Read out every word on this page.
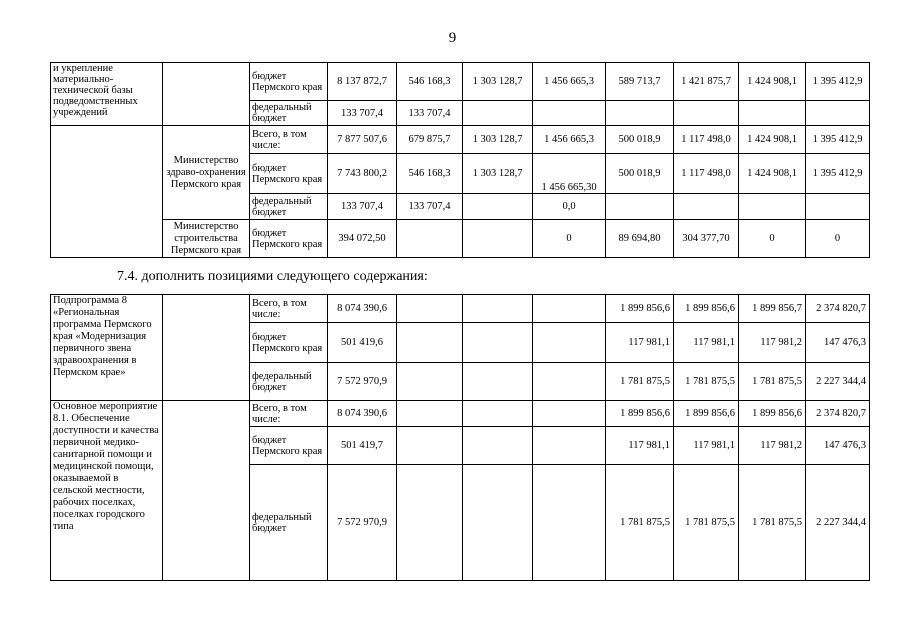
9
и укрепление материально-технической базы подведомственных учреждений		бюджет Пермского края	8 137 872,7	546 168,3	1 303 128,7	1 456 665,3	589 713,7	1 421 875,7	1 424 908,1	1 395 412,9
		федеральный бюджет	133 707,4	133 707,4						
	Министерство здраво-охранения Пермского края	Всего, в том числе:	7 877 507,6	679 875,7	1 303 128,7	1 456 665,3	500 018,9	1 117 498,0	1 424 908,1	1 395 412,9
		бюджет Пермского края	7 743 800,2	546 168,3	1 303 128,7	1 456 665,30	500 018,9	1 117 498,0	1 424 908,1	1 395 412,9
		федеральный бюджет	133 707,4	133 707,4		0,0				
	Министерство строительства Пермского края	бюджет Пермского края	394 072,50			0	89 694,80	304 377,70	0	0
7.4. дополнить позициями следующего содержания:
Подпрограмма 8 «Региональная программа Пермского края «Модернизация первичного звена здравоохранения в Пермском крае»		Всего, в том числе:	8 074 390,6				1 899 856,6	1 899 856,6	1 899 856,7	2 374 820,7
		бюджет Пермского края	501 419,6				117 981,1	117 981,1	117 981,2	147 476,3
		федеральный бюджет	7 572 970,9				1 781 875,5	1 781 875,5	1 781 875,5	2 227 344,4
Основное мероприятие 8.1. Обеспечение доступности и качества первичной медико-санитарной помощи и медицинской помощи, оказываемой в сельской местности, рабочих поселках, поселках городского типа		Всего, в том числе:	8 074 390,6				1 899 856,6	1 899 856,6	1 899 856,6	2 374 820,7
		бюджет Пермского края	501 419,7				117 981,1	117 981,1	117 981,2	147 476,3
		федеральный бюджет	7 572 970,9				1 781 875,5	1 781 875,5	1 781 875,5	2 227 344,4
